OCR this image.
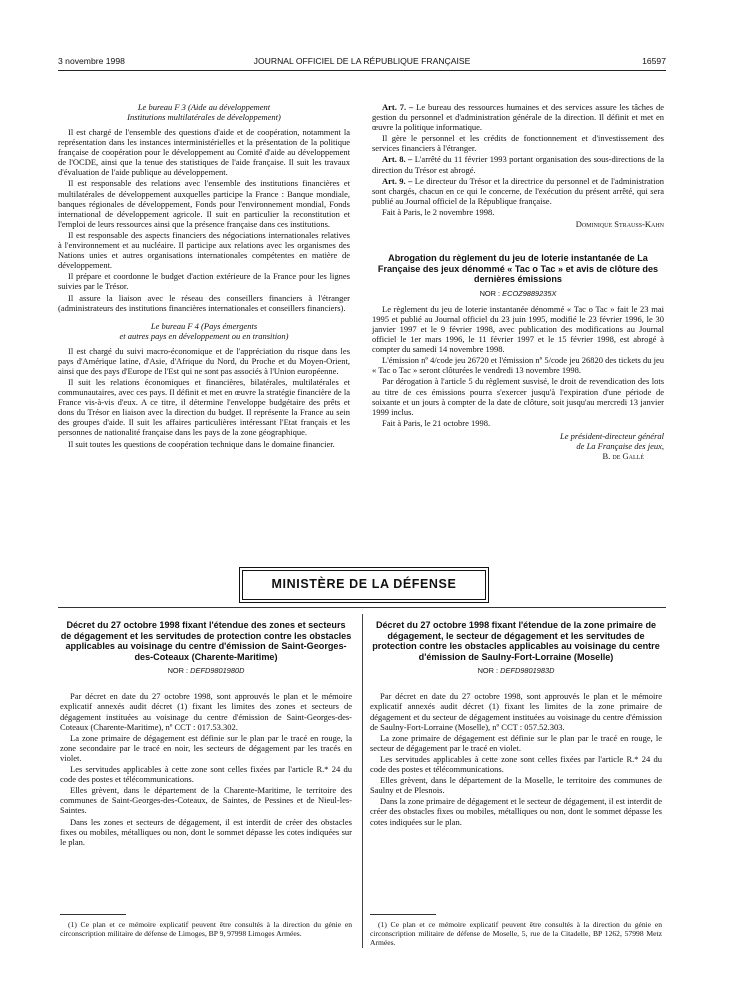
3 novembre 1998	JOURNAL OFFICIEL DE LA RÉPUBLIQUE FRANÇAISE	16597
Le bureau F 3 (Aide au développement
Institutions multilatérales de développement)

Il est chargé de l'ensemble des questions d'aide et de coopération, notamment la représentation dans les instances interministérielles et la présentation de la politique française de coopération pour le développement au Comité d'aide au développement de l'OCDE, ainsi que la tenue des statistiques de l'aide française. Il suit les travaux d'évaluation de l'aide publique au développement.

Il est responsable des relations avec l'ensemble des institutions financières et multilatérales de développement auxquelles participe la France : Banque mondiale, banques régionales de développement, Fonds pour l'environnement mondial, Fonds international de développement agricole. Il suit en particulier la reconstitution et l'emploi de leurs ressources ainsi que la présence française dans ces institutions.

Il est responsable des aspects financiers des négociations internationales relatives à l'environnement et au nucléaire. Il participe aux relations avec les organismes des Nations unies et autres organisations internationales compétentes en matière de développement.

Il prépare et coordonne le budget d'action extérieure de la France pour les lignes suivies par le Trésor.

Il assure la liaison avec le réseau des conseillers financiers à l'étranger (administrateurs des institutions financières internationales et conseillers financiers).

Le bureau F 4 (Pays émergents
et autres pays en développement ou en transition)

Il est chargé du suivi macro-économique et de l'appréciation du risque dans les pays d'Amérique latine, d'Asie, d'Afrique du Nord, du Proche et du Moyen-Orient, ainsi que des pays d'Europe de l'Est qui ne sont pas associés à l'Union européenne.

Il suit les relations économiques et financières, bilatérales, multilatérales et communautaires, avec ces pays. Il définit et met en œuvre la stratégie financière de la France vis-à-vis d'eux. A ce titre, il détermine l'enveloppe budgétaire des prêts et dons du Trésor en liaison avec la direction du budget. Il représente la France au sein des groupes d'aide. Il suit les affaires particulières intéressant l'Etat français et les personnes de nationalité française dans les pays de la zone géographique.

Il suit toutes les questions de coopération technique dans le domaine financier.

Art. 7. – Le bureau des ressources humaines et des services assure les tâches de gestion du personnel et d'administration générale de la direction. Il définit et met en œuvre la politique informatique.

Il gère le personnel et les crédits de fonctionnement et d'investissement des services financiers à l'étranger.

Art. 8. – L'arrêté du 11 février 1993 portant organisation des sous-directions de la direction du Trésor est abrogé.

Art. 9. – Le directeur du Trésor et la directrice du personnel et de l'administration sont chargés, chacun en ce qui le concerne, de l'exécution du présent arrêté, qui sera publié au Journal officiel de la République française.

Fait à Paris, le 2 novembre 1998.

Dominique Strauss-Kahn
Abrogation du règlement du jeu de loterie instantanée de La Française des jeux dénommé « Tac o Tac » et avis de clôture des dernières émissions
NOR : ECOZ9889235X

Le règlement du jeu de loterie instantanée dénommé « Tac o Tac » fait le 23 mai 1995 et publié au Journal officiel du 23 juin 1995, modifié le 23 février 1996, le 30 janvier 1997 et le 9 février 1998, avec publication des modifications au Journal officiel le 1er mars 1996, le 11 février 1997 et le 15 février 1998, est abrogé à compter du samedi 14 novembre 1998.

L'émission nº 4/code jeu 26720 et l'émission nº 5/code jeu 26820 des tickets du jeu « Tac o Tac » seront clôturées le vendredi 13 novembre 1998.

Par dérogation à l'article 5 du règlement susvisé, le droit de revendication des lots au titre de ces émissions pourra s'exercer jusqu'à l'expiration d'une période de soixante et un jours à compter de la date de clôture, soit jusqu'au mercredi 13 janvier 1999 inclus.

Fait à Paris, le 21 octobre 1998.

Le président-directeur général
de La Française des jeux,
B. de Gallé
MINISTÈRE DE LA DÉFENSE
Décret du 27 octobre 1998 fixant l'étendue des zones et secteurs de dégagement et les servitudes de protection contre les obstacles applicables au voisinage du centre d'émission de Saint-Georges-des-Coteaux (Charente-Maritime)
NOR : DEFD9801980D

Par décret en date du 27 octobre 1998, sont approuvés le plan et le mémoire explicatif annexés audit décret (1) fixant les limites des zones et secteurs de dégagement instituées au voisinage du centre d'émission de Saint-Georges-des-Coteaux (Charente-Maritime), nº CCT : 017.53.302.

La zone primaire de dégagement est définie sur le plan par le tracé en rouge, la zone secondaire par le tracé en noir, les secteurs de dégagement par les tracés en violet.

Les servitudes applicables à cette zone sont celles fixées par l'article R.* 24 du code des postes et télécommunications.

Elles grèvent, dans le département de la Charente-Maritime, le territoire des communes de Saint-Georges-des-Coteaux, de Saintes, de Pessines et de Nieul-les-Saintes.

Dans les zones et secteurs de dégagement, il est interdit de créer des obstacles fixes ou mobiles, métalliques ou non, dont le sommet dépasse les cotes indiquées sur le plan.

(1) Ce plan et ce mémoire explicatif peuvent être consultés à la direction du génie en circonscription militaire de défense de Limoges, BP 9, 97998 Limoges Armées.
Décret du 27 octobre 1998 fixant l'étendue de la zone primaire de dégagement, le secteur de dégagement et les servitudes de protection contre les obstacles applicables au voisinage du centre d'émission de Saulny-Fort-Lorraine (Moselle)
NOR : DEFD9801983D

Par décret en date du 27 octobre 1998, sont approuvés le plan et le mémoire explicatif annexés audit décret (1) fixant les limites de la zone primaire de dégagement et du secteur de dégagement instituées au voisinage du centre d'émission de Saulny-Fort-Lorraine (Moselle), nº CCT : 057.52.303.

La zone primaire de dégagement est définie sur le plan par le tracé en rouge, le secteur de dégagement par le tracé en violet.

Les servitudes applicables à cette zone sont celles fixées par l'article R.* 24 du code des postes et télécommunications.

Elles grèvent, dans le département de la Moselle, le territoire des communes de Saulny et de Plesnois.

Dans la zone primaire de dégagement et le secteur de dégagement, il est interdit de créer des obstacles fixes ou mobiles, métalliques ou non, dont le sommet dépasse les cotes indiquées sur le plan.

(1) Ce plan et ce mémoire explicatif peuvent être consultés à la direction du génie en circonscription militaire de défense de Moselle, 5, rue de la Citadelle, BP 1262, 57998 Metz Armées.
